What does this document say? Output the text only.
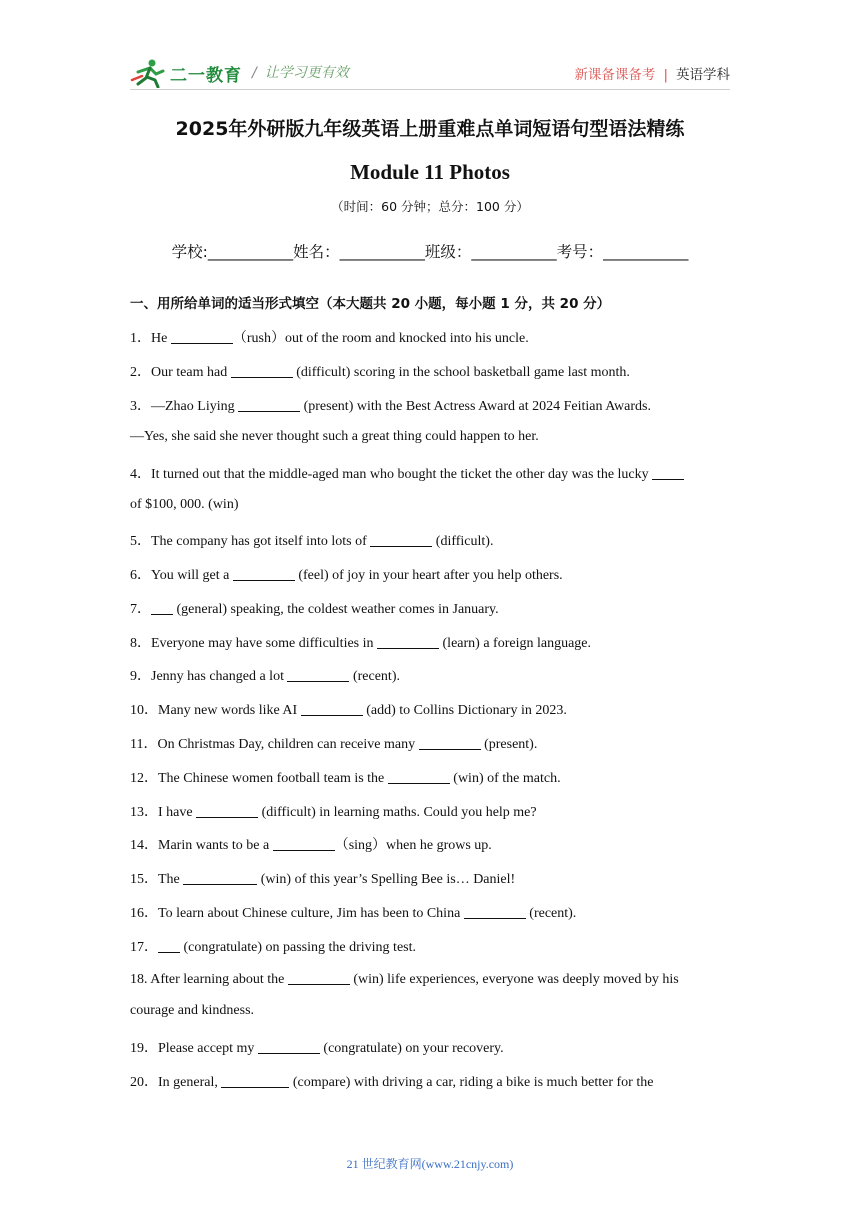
二一教育 / 让学习更有效	新课备课备考 | 英语学科
2025年外研版九年级英语上册重难点单词短语句型语法精练
Module 11 Photos
（时间：60 分钟；总分：100 分）
学校:___________姓名：___________班级：___________考号：___________
一、用所给单词的适当形式填空（本大题共 20 小题，每小题 1 分，共 20 分）
1．He	（rush）out of the room and knocked into his uncle.
2．Our team had	(difficult) scoring in the school basketball game last month.
3．—Zhao Liying	(present) with the Best Actress Award at 2024 Feitian Awards.
—Yes, she said she never thought such a great thing could happen to her.
4．It turned out that the middle-aged man who bought the ticket the other day was the lucky
of $100, 000. (win)
5．The company has got itself into lots of	(difficult).
6．You will get a	(feel) of joy in your heart after you help others.
7． (general) speaking, the coldest weather comes in January.
8．Everyone may have some difficulties in	(learn) a foreign language.
9．Jenny has changed a lot	(recent).
10．Many new words like AI	(add) to Collins Dictionary in 2023.
11．On Christmas Day, children can receive many	(present).
12．The Chinese women football team is the	(win) of the match.
13．I have	(difficult) in learning maths. Could you help me?
14．Marin wants to be a	（sing）when he grows up.
15．The	(win) of this year’s Spelling Bee is… Daniel!
16．To learn about Chinese culture, Jim has been to China	(recent).
17． (congratulate) on passing the driving test.
18. After learning about the	(win) life experiences, everyone was deeply moved by his
courage and kindness.
19．Please accept my	(congratulate) on your recovery.
20．In general,	(compare) with driving a car, riding a bike is much better for the
21 世纪教育网(www.21cnjy.com)
